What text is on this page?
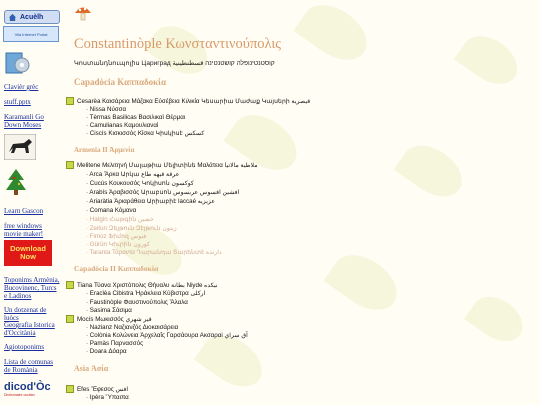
Acuèlh
Vila Internet Portal
Clavièr grèc
stuff.pptx
Karamanli Go Down Moses
Learn Gascon
free windows movie maker!
Download Now
Toponims Armènia, Bucovinenc, Turcs e Ladinos
Un dotzenat de luòcs
Geografia Istorica d'Occitània
Agiotoponims
Lista de comunas de Romània
dicod'Òc
Dictionnaire occitan
Constantinòple Κωνσταντινούπολις
Կոստանդնուպոլիս Цариград קוסטנטינופלה קושטנטינה قسطنطينية
Capadòcia Καππαδοκία
Cesarèa Καισάρεια Μάζακα Εὐσέβεια Κιλικία Կեսարիա Մաժաք Կայսերի قيصرية
· Nissa Νύσσα
· Tèrmas Basilicas Βασιλικαὶ Θέρμαι
· Camulianas Καμουλιαναί
· Ciscís Κισκισσός Κίσκα Կիսկիսէ كسكس
Armenia II Ἀρμενία
Melitene Μελιτηνή Մալաթիա Մելիտինե Μαλάτεια ملاطية مالاتيا
· Arca Ἄρκα Արկա عرقة قيهه طاع
· Cucús Κουκουσός Կոկիսոն كوكسون
· Arabís Ἀραβισσός Արաբսոն افشين افسوس عربسوس
· Ariaràtia Ἀριαράθεια Արիաբիէ laссаé عزيزيه
· Comana Κόμανα
· Hatgin Հաթգին خضين
· Zeitun Զեյթուն Զէյթուն زيتون
· Fimoz Ֆիմոզ فنوس
· Gürün Կիւրին كورون
· Taranta Τάραντα Դարանդա Տարենտէ دارندة
Capadòcia II Καππαδοκία
Tiana Τύανα Χριστόπολις Θήυαλυ بطانة Niyde نيكده
· Eraclèa Cibistra Ἡράκλεια Κύβιστρα اركلى
· Faustinòple Φαυστινούπολις Ἄλαλα
· Sasima Σάσιμα
Mocís Μωκισσός قير شهري
· Nazianz Ναζιανζός Διοκαισάρεια
· Colònia Κολώνεια Ἀρχελαΐς Γαρσάουρα Ακσαραi آق سراي
· Pamàs Παρνασσός
· Doara Δόαρα
Asia Ἀσία
Efes Ἔφεσος افس
· Ipèra Ὕπαιπα
